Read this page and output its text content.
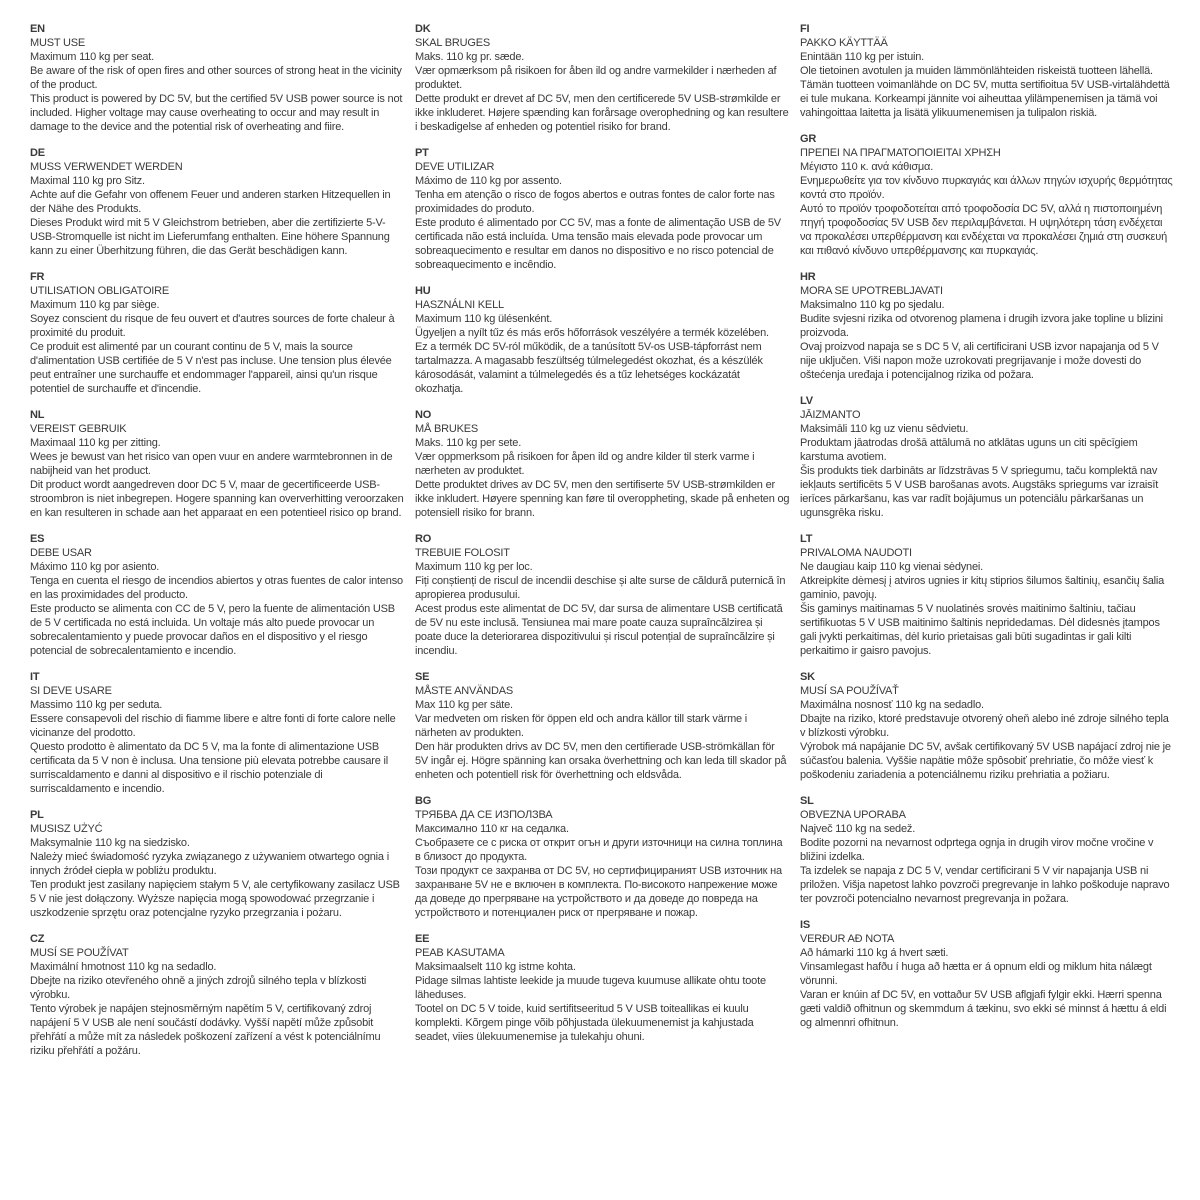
EN

MUST USE

Maximum 110 kg per seat.

Be aware of the risk of open fires and other sources of strong heat in the vicinity of the product.

This product is powered by DC 5V, but the certified 5V USB power source is not included. Higher voltage may cause overheating to occur and may result in damage to the device and the potential risk of overheating and fiire.

DE

MUSS VERWENDET WERDEN

Maximal 110 kg pro Sitz.

Achte auf die Gefahr von offenem Feuer und anderen starken Hitzequellen in der Nähe des Produkts.

Dieses Produkt wird mit 5 V Gleichstrom betrieben, aber die zertifizierte 5-V-USB-Stromquelle ist nicht im Lieferumfang enthalten. Eine höhere Spannung kann zu einer Überhitzung führen, die das Gerät beschädigen kann.

FR

UTILISATION OBLIGATOIRE

Maximum 110 kg par siège.

Soyez conscient du risque de feu ouvert et d'autres sources de forte chaleur à proximité du produit.

Ce produit est alimenté par un courant continu de 5 V, mais la source d'alimentation USB certifiée de 5 V n'est pas incluse. Une tension plus élevée peut entraîner une surchauffe et endommager l'appareil, ainsi qu'un risque potentiel de surchauffe et d'incendie.

NL

VEREIST GEBRUIK

Maximaal 110 kg per zitting.

Wees je bewust van het risico van open vuur en andere warmtebronnen in de nabijheid van het product.

Dit product wordt aangedreven door DC 5 V, maar de gecertificeerde USB-stroombron is niet inbegrepen. Hogere spanning kan oververhitting veroorzaken en kan resulteren in schade aan het apparaat en een potentieel risico op brand.

ES

DEBE USAR

Máximo 110 kg por asiento.

Tenga en cuenta el riesgo de incendios abiertos y otras fuentes de calor intenso en las proximidades del producto.

Este producto se alimenta con CC de 5 V, pero la fuente de alimentación USB de 5 V certificada no está incluida. Un voltaje más alto puede provocar un sobrecalentamiento y puede provocar daños en el dispositivo y el riesgo potencial de sobrecalentamiento e incendio.

IT

SI DEVE USARE

Massimo 110 kg per seduta.

Essere consapevoli del rischio di fiamme libere e altre fonti di forte calore nelle vicinanze del prodotto.

Questo prodotto è alimentato da DC 5 V, ma la fonte di alimentazione USB certificata da 5 V non è inclusa. Una tensione più elevata potrebbe causare il surriscaldamento e danni al dispositivo e il rischio potenziale di surriscaldamento e incendio.

PL

MUSISZ UŻYĆ

Maksymalnie 110 kg na siedzisko.

Należy mieć świadomość ryzyka związanego z używaniem otwartego ognia i innych źródeł ciepła w pobliżu produktu.

Ten produkt jest zasilany napięciem stałym 5 V, ale certyfikowany zasilacz USB 5 V nie jest dołączony. Wyższe napięcia mogą spowodować przegrzanie i uszkodzenie sprzętu oraz potencjalne ryzyko przegrzania i pożaru.

CZ

MUSÍ SE POUŽÍVAT

Maximální hmotnost 110 kg na sedadlo.

Dbejte na riziko otevřeného ohně a jiných zdrojů silného tepla v blízkosti výrobku.

Tento výrobek je napájen stejnosměrným napětím 5 V, certifikovaný zdroj napájení 5 V USB ale není součástí dodávky. Vyšší napětí může způsobit přehřátí a může mít za následek poškození zařízení a vést k potenciálnímu riziku přehřátí a požáru.

DK

SKAL BRUGES

Maks. 110 kg pr. sæde.

Vær opmærksom på risikoen for åben ild og andre varmekilder i nærheden af produktet.

Dette produkt er drevet af DC 5V, men den certificerede 5V USB-strømkilde er ikke inkluderet. Højere spænding kan forårsage overophedning og kan resultere i beskadigelse af enheden og potentiel risiko for brand.

PT

DEVE UTILIZAR

Máximo de 110 kg por assento.

Tenha em atenção o risco de fogos abertos e outras fontes de calor forte nas proximidades do produto.

Este produto é alimentado por CC 5V, mas a fonte de alimentação USB de 5V certificada não está incluída. Uma tensão mais elevada pode provocar um sobreaquecimento e resultar em danos no dispositivo e no risco potencial de sobreaquecimento e incêndio.

HU

HASZNÁLNI KELL

Maximum 110 kg ülésenként.

Ügyeljen a nyílt tűz és más erős hőforrások veszélyére a termék közelében.

Ez a termék DC 5V-ról működik, de a tanúsított 5V-os USB-tápforrást nem tartalmazza. A magasabb feszültség túlmelegedést okozhat, és a készülék károsodását, valamint a túlmelegedés és a tűz lehetséges kockázatát okozhatja.

NO

MÅ BRUKES

Maks. 110 kg per sete.

Vær oppmerksom på risikoen for åpen ild og andre kilder til sterk varme i nærheten av produktet.

Dette produktet drives av DC 5V, men den sertifiserte 5V USB-strømkilden er ikke inkludert. Høyere spenning kan føre til overoppheting, skade på enheten og potensiell risiko for brann.

RO

TREBUIE FOLOSIT

Maximum 110 kg per loc.

Fiți conștienți de riscul de incendii deschise și alte surse de căldură puternică în apropierea produsului.

Acest produs este alimentat de DC 5V, dar sursa de alimentare USB certificată de 5V nu este inclusă. Tensiunea mai mare poate cauza supraîncălzirea și poate duce la deteriorarea dispozitivului și riscul potențial de supraîncălzire și incendiu.

SE

MÅSTE ANVÄNDAS

Max 110 kg per säte.

Var medveten om risken för öppen eld och andra källor till stark värme i närheten av produkten.

Den här produkten drivs av DC 5V, men den certifierade USB-strömkällan för 5V ingår ej. Högre spänning kan orsaka överhettning och kan leda till skador på enheten och potentiell risk för överhettning och eldsvåda.

BG

ТРЯБВА ДА СЕ ИЗПОЛЗВА

Максимално 110 кг на седалка.

Съобразете се с риска от открит огън и други източници на силна топлина в близост до продукта.

Този продукт се захранва от DC 5V, но сертифицираният USB източник на захранване 5V не е включен в комплекта. По-високото напрежение може да доведе до прегряване на устройството и да доведе до повреда на устройството и потенциален риск от прегряване и пожар.

EE

PEAB KASUTAMA

Maksimaalselt 110 kg istme kohta.

Pidage silmas lahtiste leekide ja muude tugeva kuumuse allikate ohtu toote läheduses.

Tootel on DC 5 V toide, kuid sertifitseeritud 5 V USB toiteallikas ei kuulu komplekti. Kõrgem pinge võib põhjustada ülekuumenemist ja kahjustada seadet, viies ülekuumenemise ja tulekahju ohuni.

FI

PAKKO KÄYTTÄÄ

Enintään 110 kg per istuin.

Ole tietoinen avotulen ja muiden lämmönlähteiden riskeistä tuotteen lähellä.

Tämän tuotteen voimanlähde on DC 5V, mutta sertifioitua 5V USB-virtalähdettä ei tule mukana. Korkeampi jännite voi aiheuttaa ylilämpenemisen ja tämä voi vahingoittaa laitetta ja lisätä ylikuumenemisen ja tulipalon riskiä.

GR

ΠΡΕΠΕΙ ΝΑ ΠΡΑΓΜΑΤΟΠΟΙΕΙΤΑΙ ΧΡΗΣΗ

Μέγιστο 110 κ. ανά κάθισμα.

Ενημερωθείτε για τον κίνδυνο πυρκαγιάς και άλλων πηγών ισχυρής θερμότητας κοντά στο προϊόν.

Αυτό το προϊόν τροφοδοτείται από τροφοδοσία DC 5V, αλλά η πιστοποιημένη πηγή τροφοδοσίας 5V USB δεν περιλαμβάνεται. Η υψηλότερη τάση ενδέχεται να προκαλέσει υπερθέρμανση και ενδέχεται να προκαλέσει ζημιά στη συσκευή και πιθανό κίνδυνο υπερθέρμανσης και πυρκαγιάς.

HR

MORA SE UPOTREBLJAVATI

Maksimalno 110 kg po sjedalu.

Budite svjesni rizika od otvorenog plamena i drugih izvora jake topline u blizini proizvoda.

Ovaj proizvod napaja se s DC 5 V, ali certificirani USB izvor napajanja od 5 V nije uključen. Viši napon može uzrokovati pregrijavanje i može dovesti do oštećenja uređaja i potencijalnog rizika od požara.

LV

JĀIZMANTO

Maksimāli 110 kg uz vienu sēdvietu.

Produktam jāatrodas drošā attālumā no atklātas uguns un citi spēcīgiem karstuma avotiem.

Šis produkts tiek darbināts ar līdzstrāvas 5 V spriegumu, taču komplektā nav iekļauts sertificēts 5 V USB barošanas avots. Augstāks spriegums var izraisīt ierīces pārkaršanu, kas var radīt bojājumus un potenciālu pārkaršanas un ugunsgrēka risku.

LT

PRIVALOMA NAUDOTI

Ne daugiau kaip 110 kg vienai sėdynei.

Atkreipkite dėmesį į atviros ugnies ir kitų stiprios šilumos šaltinių, esančių šalia gaminio, pavojų.

Šis gaminys maitinamas 5 V nuolatinės srovės maitinimo šaltiniu, tačiau sertifikuotas 5 V USB maitinimo šaltinis nepridedamas. Dėl didesnės įtampos gali įvykti perkaitimas, dėl kurio prietaisas gali būti sugadintas ir gali kilti perkaitimo ir gaisro pavojus.

SK

MUSÍ SA POUŽÍVAŤ

Maximálna nosnosť 110 kg na sedadlo.

Dbajte na riziko, ktoré predstavuje otvorený oheň alebo iné zdroje silného tepla v blízkosti výrobku.

Výrobok má napájanie DC 5V, avšak certifikovaný 5V USB napájací zdroj nie je súčasťou balenia. Vyššie napätie môže spôsobiť prehriatie, čo môže viesť k poškodeniu zariadenia a potenciálnemu riziku prehriatia a požiaru.

SL

OBVEZNA UPORABA

Največ 110 kg na sedež.

Bodite pozorni na nevarnost odprtega ognja in drugih virov močne vročine v bližini izdelka.

Ta izdelek se napaja z DC 5 V, vendar certificirani 5 V vir napajanja USB ni priložen. Višja napetost lahko povzroči pregrevanje in lahko poškoduje napravo ter povzroči potencialno nevarnost pregrevanja in požara.

IS

VERÐUR AÐ NOTA

Að hámarki 110 kg á hvert sæti.

Vinsamlegast hafðu í huga að hætta er á opnum eldi og miklum hita nálægt vörunni.

Varan er knúin af DC 5V, en vottaður 5V USB aflgjafi fylgir ekki. Hærri spenna gæti valdið ofhitnun og skemmdum á tækinu, svo ekki sé minnst á hættu á eldi og almennri ofhitnun.
